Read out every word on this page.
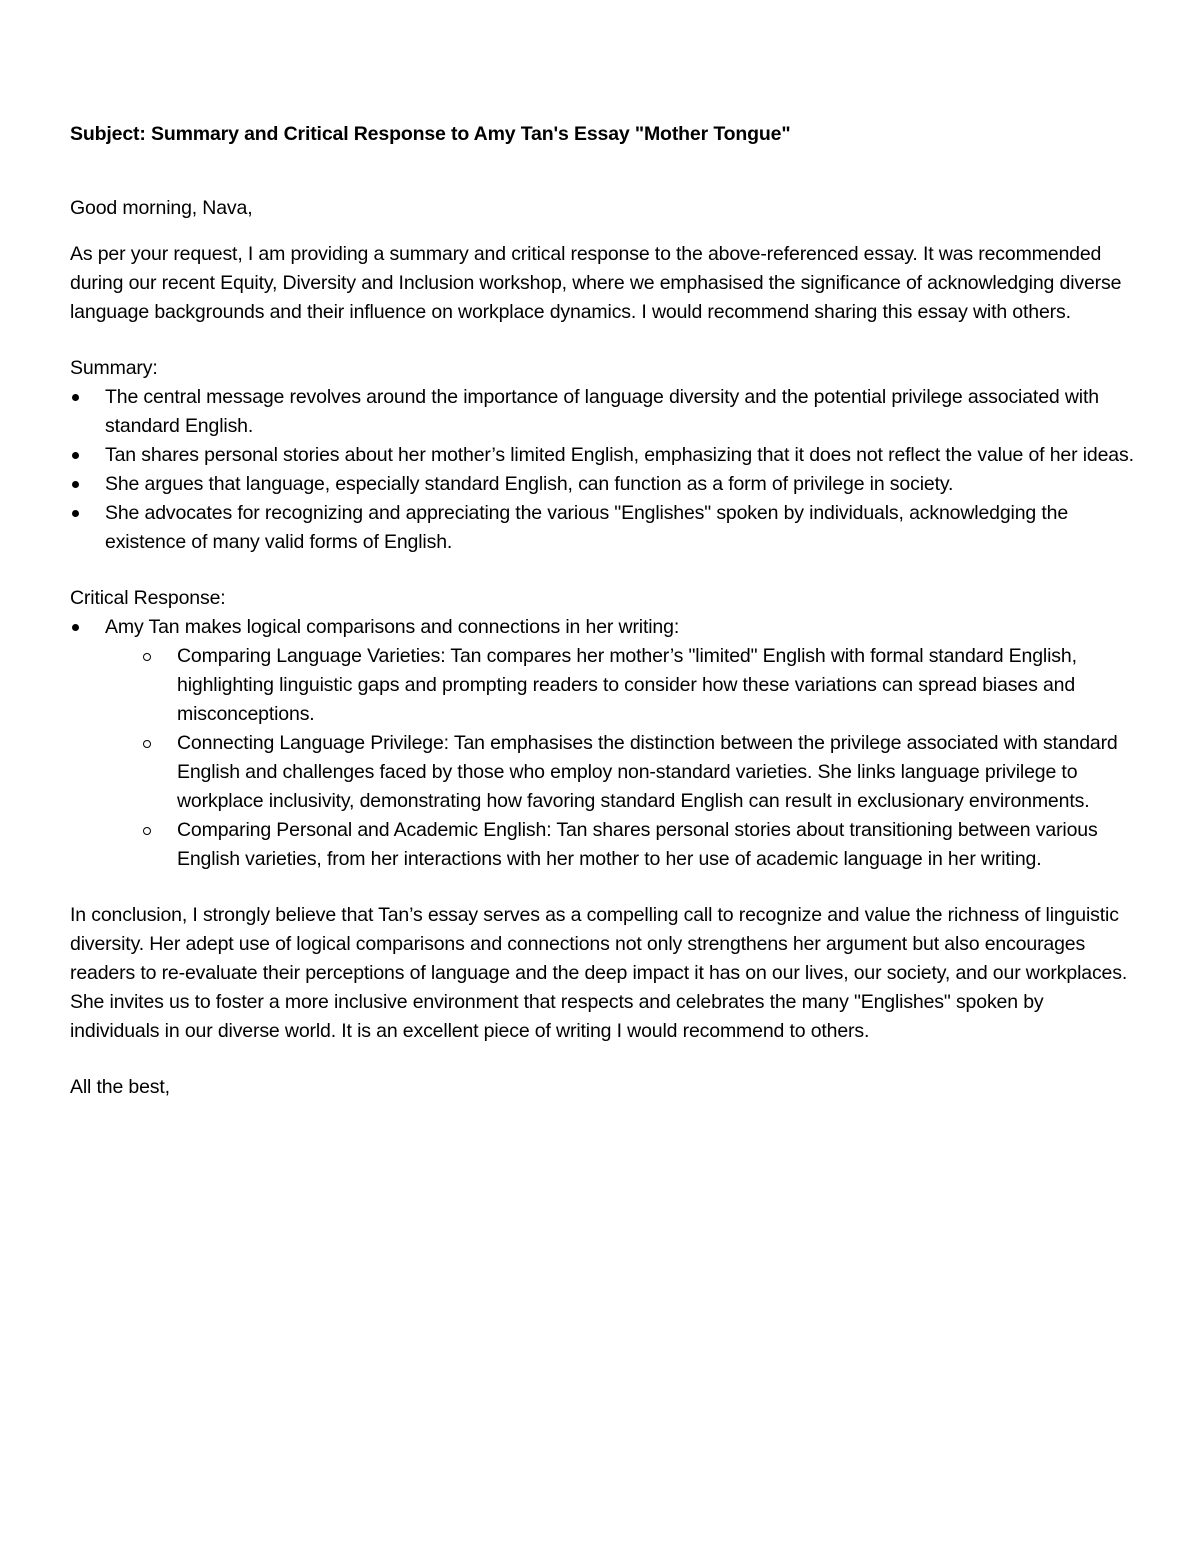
Subject: Summary and Critical Response to Amy Tan's Essay "Mother Tongue"

Good morning, Nava,

As per your request, I am providing a summary and critical response to the above-referenced essay. It was recommended during our recent Equity, Diversity and Inclusion workshop, where we emphasised the significance of acknowledging diverse language backgrounds and their influence on workplace dynamics. I would recommend sharing this essay with others.

Summary:

The central message revolves around the importance of language diversity and the potential privilege associated with standard English.
Tan shares personal stories about her mother’s limited English, emphasizing that it does not reflect the value of her ideas.
She argues that language, especially standard English, can function as a form of privilege in society.
She advocates for recognizing and appreciating the various "Englishes" spoken by individuals, acknowledging the existence of many valid forms of English.

Critical Response:

Amy Tan makes logical comparisons and connections in her writing:
Comparing Language Varieties: Tan compares her mother’s "limited" English with formal standard English, highlighting linguistic gaps and prompting readers to consider how these variations can spread biases and misconceptions.
Connecting Language Privilege: Tan emphasises the distinction between the privilege associated with standard English and challenges faced by those who employ non-standard varieties. She links language privilege to workplace inclusivity, demonstrating how favoring standard English can result in exclusionary environments.
Comparing Personal and Academic English: Tan shares personal stories about transitioning between various English varieties, from her interactions with her mother to her use of academic language in her writing.

In conclusion, I strongly believe that Tan’s essay serves as a compelling call to recognize and value the richness of linguistic diversity. Her adept use of logical comparisons and connections not only strengthens her argument but also encourages readers to re-evaluate their perceptions of language and the deep impact it has on our lives, our society, and our workplaces. She invites us to foster a more inclusive environment that respects and celebrates the many "Englishes" spoken by individuals in our diverse world. It is an excellent piece of writing I would recommend to others.

All the best,
